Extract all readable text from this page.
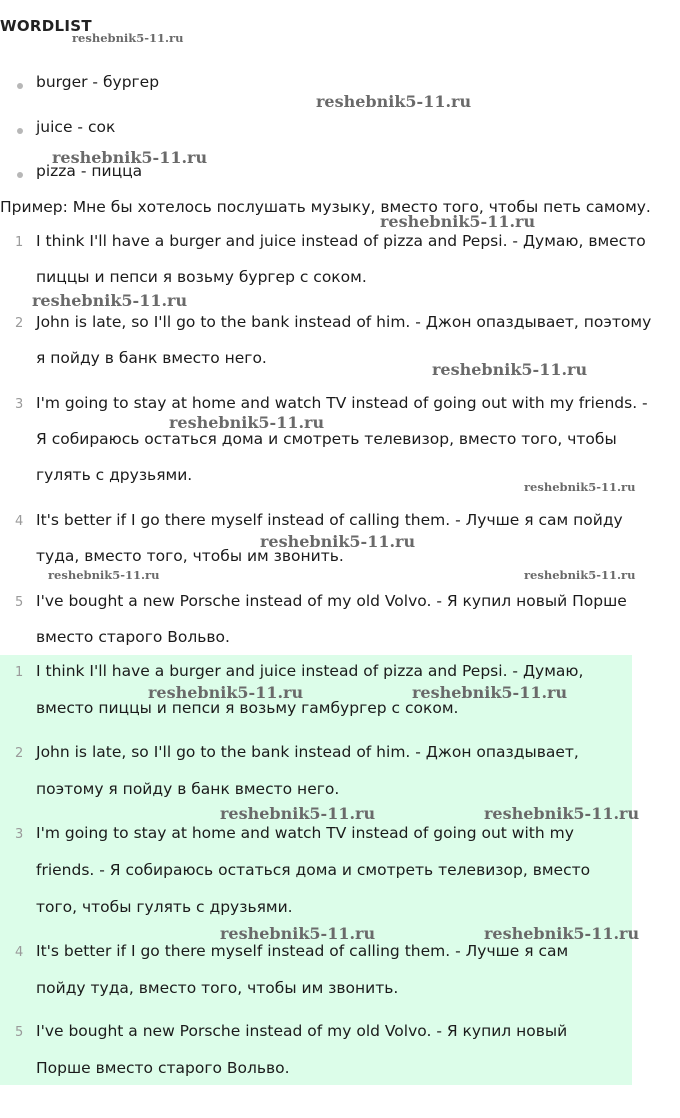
WORDLIST
burger - бургер
juice - сок
pizza - пицца
Пример: Мне бы хотелось послушать музыку, вместо того, чтобы петь самому.
1 I think I'll have a burger and juice instead of pizza and Pepsi. - Думаю, вместо
пиццы и пепси я возьму бургер с соком.
2 John is late, so I'll go to the bank instead of him. - Джон опаздывает, поэтому
я пойду в банк вместо него.
3 I'm going to stay at home and watch TV instead of going out with my friends. -
Я собираюсь остаться дома и смотреть телевизор, вместо того, чтобы
гулять с друзьями.
4 It's better if I go there myself instead of calling them. - Лучше я сам пойду
туда, вместо того, чтобы им звонить.
5 I've bought a new Porsche instead of my old Volvo. - Я купил новый Порше
вместо старого Вольво.
1 I think I'll have a burger and juice instead of pizza and Pepsi. - Думаю,
вместо пиццы и пепси я возьму гамбургер с соком.
2 John is late, so I'll go to the bank instead of him. - Джон опаздывает,
поэтому я пойду в банк вместо него.
3 I'm going to stay at home and watch TV instead of going out with my
friends. - Я собираюсь остаться дома и смотреть телевизор, вместо
того, чтобы гулять с друзьями.
4 It's better if I go there myself instead of calling them. - Лучше я сам
пойду туда, вместо того, чтобы им звонить.
5 I've bought a new Porsche instead of my old Volvo. - Я купил новый
Порше вместо старого Вольво.
reshebnik5-11.ru
reshebnik5-11.ru
reshebnik5-11.ru
reshebnik5-11.ru
reshebnik5-11.ru
reshebnik5-11.ru
reshebnik5-11.ru
reshebnik5-11.ru
reshebnik5-11.ru
reshebnik5-11.ru	reshebnik5-11.ru
reshebnik5-11.ru	reshebnik5-11.ru
reshebnik5-11.ru	reshebnik5-11.ru
reshebnik5-11.ru	reshebnik5-11.ru
